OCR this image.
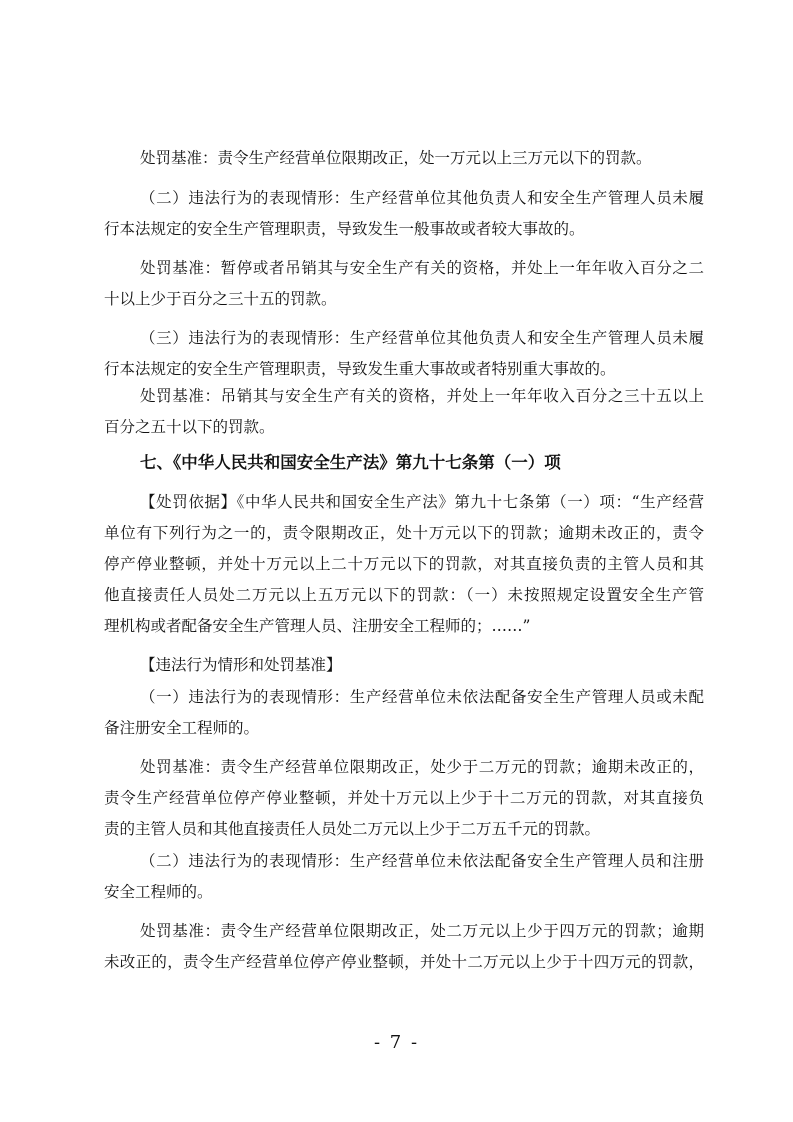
处罚基准：责令生产经营单位限期改正，处一万元以上三万元以下的罚款。
（二）违法行为的表现情形：生产经营单位其他负责人和安全生产管理人员未履
行本法规定的安全生产管理职责，导致发生一般事故或者较大事故的。
处罚基准：暂停或者吊销其与安全生产有关的资格，并处上一年年收入百分之二
十以上少于百分之三十五的罚款。
（三）违法行为的表现情形：生产经营单位其他负责人和安全生产管理人员未履
行本法规定的安全生产管理职责，导致发生重大事故或者特别重大事故的。
处罚基准：吊销其与安全生产有关的资格，并处上一年年收入百分之三十五以上
百分之五十以下的罚款。
七、《中华人民共和国安全生产法》第九十七条第（一）项
【处罚依据】《中华人民共和国安全生产法》第九十七条第（一）项：“生产经营
单位有下列行为之一的，责令限期改正，处十万元以下的罚款；逾期未改正的，责令
停产停业整顿，并处十万元以上二十万元以下的罚款，对其直接负责的主管人员和其
他直接责任人员处二万元以上五万元以下的罚款：（一）未按照规定设置安全生产管
理机构或者配备安全生产管理人员、注册安全工程师的；……”
【违法行为情形和处罚基准】
（一）违法行为的表现情形：生产经营单位未依法配备安全生产管理人员或未配
备注册安全工程师的。
处罚基准：责令生产经营单位限期改正，处少于二万元的罚款；逾期未改正的，
责令生产经营单位停产停业整顿，并处十万元以上少于十二万元的罚款，对其直接负
责的主管人员和其他直接责任人员处二万元以上少于二万五千元的罚款。
（二）违法行为的表现情形：生产经营单位未依法配备安全生产管理人员和注册
安全工程师的。
处罚基准：责令生产经营单位限期改正，处二万元以上少于四万元的罚款；逾期
未改正的，责令生产经营单位停产停业整顿，并处十二万元以上少于十四万元的罚款，
- 7 -
